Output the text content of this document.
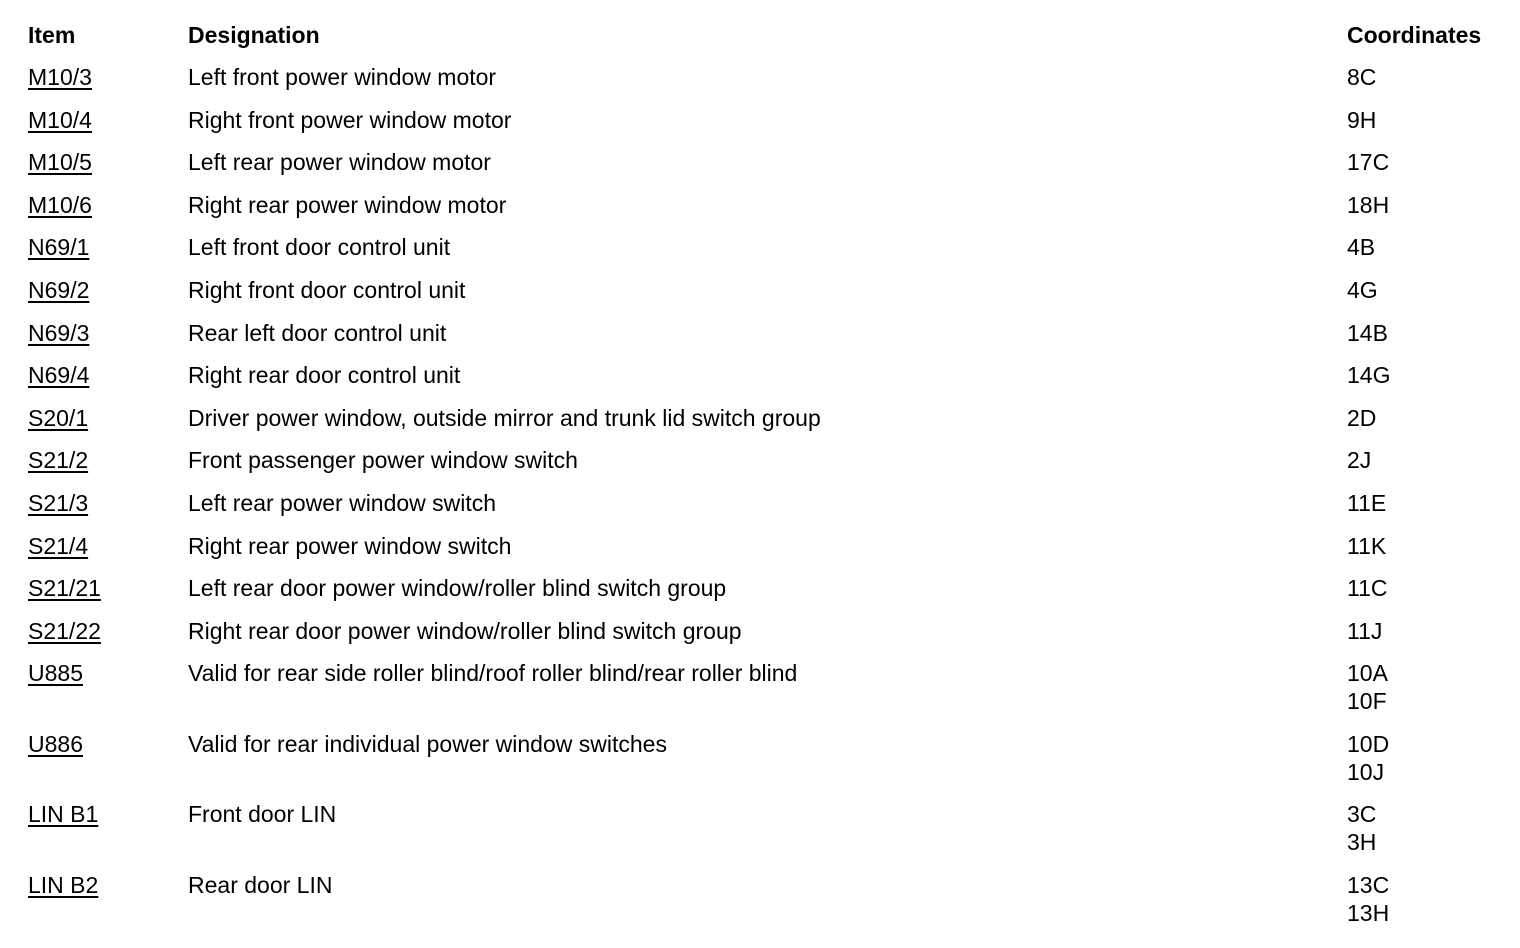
Item	Designation	Coordinates
M10/3	Left front power window motor	8C
M10/4	Right front power window motor	9H
M10/5	Left rear power window motor	17C
M10/6	Right rear power window motor	18H
N69/1	Left front door control unit	4B
N69/2	Right front door control unit	4G
N69/3	Rear left door control unit	14B
N69/4	Right rear door control unit	14G
S20/1	Driver power window, outside mirror and trunk lid switch group	2D
S21/2	Front passenger power window switch	2J
S21/3	Left rear power window switch	11E
S21/4	Right rear power window switch	11K
S21/21	Left rear door power window/roller blind switch group	11C
S21/22	Right rear door power window/roller blind switch group	11J
U885	Valid for rear side roller blind/roof roller blind/rear roller blind	10A
10F
U886	Valid for rear individual power window switches	10D
10J
LIN B1	Front door LIN	3C
3H
LIN B2	Rear door LIN	13C
13H
